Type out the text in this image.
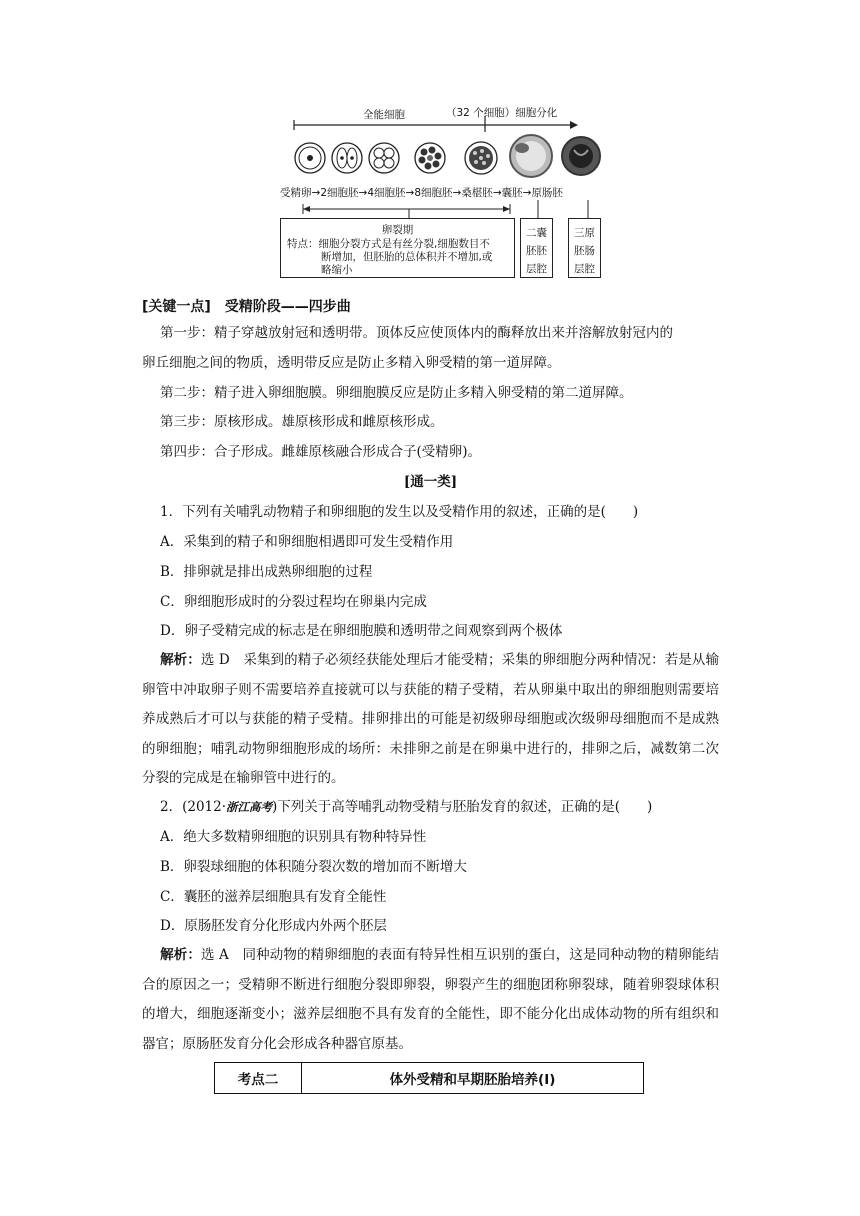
全能细胞	（32 个细胞）细胞分化
受精卵→2细胞胚→4细胞胚→8细胞胚→桑椹胚→囊胚→原肠胚
卵裂期
特点：细胞分裂方式是有丝分裂,细胞数目不
断增加，但胚胎的总体积并不增加,或
略缩小
二囊
胚胚
层腔
三原
胚肠
层腔
[关键一点]　 受精阶段——四步曲
第一步：精子穿越放射冠和透明带。顶体反应使顶体内的酶释放出来并溶解放射冠内的
卵丘细胞之间的物质，透明带反应是防止多精入卵受精的第一道屏障。
第二步：精子进入卵细胞膜。卵细胞膜反应是防止多精入卵受精的第二道屏障。
第三步：原核形成。雄原核形成和雌原核形成。
第四步：合子形成。雌雄原核融合形成合子(受精卵)。
[通一类]
1．下列有关哺乳动物精子和卵细胞的发生以及受精作用的叙述，正确的是(　　)
A．采集到的精子和卵细胞相遇即可发生受精作用
B．排卵就是排出成熟卵细胞的过程
C．卵细胞形成时的分裂过程均在卵巢内完成
D．卵子受精完成的标志是在卵细胞膜和透明带之间观察到两个极体
解析：选 D　采集到的精子必须经获能处理后才能受精；采集的卵细胞分两种情况：若是从输卵管中冲取卵子则不需要培养直接就可以与获能的精子受精，若从卵巢中取出的卵细胞则需要培养成熟后才可以与获能的精子受精。排卵排出的可能是初级卵母细胞或次级卵母细胞而不是成熟的卵细胞；哺乳动物卵细胞形成的场所：未排卵之前是在卵巢中进行的，排卵之后，减数第二次分裂的完成是在输卵管中进行的。
2．(2012·浙江高考)下列关于高等哺乳动物受精与胚胎发育的叙述，正确的是(　　)
A．绝大多数精卵细胞的识别具有物种特异性
B．卵裂球细胞的体积随分裂次数的增加而不断增大
C．囊胚的滋养层细胞具有发育全能性
D．原肠胚发育分化形成内外两个胚层
解析：选 A　同种动物的精卵细胞的表面有特异性相互识别的蛋白，这是同种动物的精卵能结合的原因之一；受精卵不断进行细胞分裂即卵裂，卵裂产生的细胞团称卵裂球，随着卵裂球体积的增大，细胞逐渐变小；滋养层细胞不具有发育的全能性，即不能分化出成体动物的所有组织和器官；原肠胚发育分化会形成各种器官原基。
考点二	体外受精和早期胚胎培养(Ⅰ)
